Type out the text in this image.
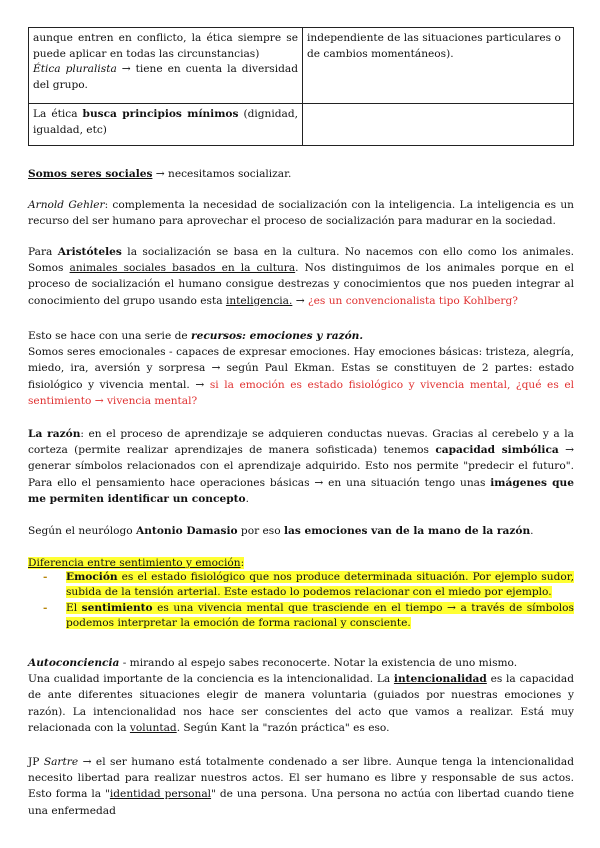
aunque entren en conflicto, la ética siempre se puede aplicar en todas las circunstancias)
Ética pluralista → tiene en cuenta la diversidad del grupo.	independiente de las situaciones particulares o de cambios momentáneos).
La ética busca principios mínimos (dignidad, igualdad, etc)	

Somos seres sociales → necesitamos socializar.

Arnold Gehler: complementa la necesidad de socialización con la inteligencia. La inteligencia es un recurso del ser humano para aprovechar el proceso de socialización para madurar en la sociedad.

Para Aristóteles la socialización se basa en la cultura. No nacemos con ello como los animales. Somos animales sociales basados en la cultura. Nos distinguimos de los animales porque en el proceso de socialización el humano consigue destrezas y conocimientos que nos pueden integrar al conocimiento del grupo usando esta inteligencia. → ¿es un convencionalista tipo Kohlberg?

Esto se hace con una serie de recursos: emociones y razón.
Somos seres emocionales - capaces de expresar emociones. Hay emociones básicas: tristeza, alegría, miedo, ira, aversión y sorpresa → según Paul Ekman. Estas se constituyen de 2 partes: estado fisiológico y vivencia mental. → si la emoción es estado fisiológico y vivencia mental, ¿qué es el sentimiento → vivencia mental?

La razón: en el proceso de aprendizaje se adquieren conductas nuevas. Gracias al cerebelo y a la corteza (permite realizar aprendizajes de manera sofisticada) tenemos capacidad simbólica → generar símbolos relacionados con el aprendizaje adquirido. Esto nos permite "predecir el futuro". Para ello el pensamiento hace operaciones básicas → en una situación tengo unas imágenes que me permiten identificar un concepto.

Según el neurólogo Antonio Damasio por eso las emociones van de la mano de la razón.

Diferencia entre sentimiento y emoción:

- Emoción es el estado fisiológico que nos produce determinada situación. Por ejemplo sudor, subida de la tensión arterial. Este estado lo podemos relacionar con el miedo por ejemplo.
- El sentimiento es una vivencia mental que trasciende en el tiempo → a través de símbolos podemos interpretar la emoción de forma racional y consciente.

Autoconciencia - mirando al espejo sabes reconocerte. Notar la existencia de uno mismo.
Una cualidad importante de la conciencia es la intencionalidad. La intencionalidad es la capacidad de ante diferentes situaciones elegir de manera voluntaria (guiados por nuestras emociones y razón). La intencionalidad nos hace ser conscientes del acto que vamos a realizar. Está muy relacionada con la voluntad. Según Kant la "razón práctica" es eso.

JP Sartre → el ser humano está totalmente condenado a ser libre. Aunque tenga la intencionalidad necesito libertad para realizar nuestros actos. El ser humano es libre y responsable de sus actos. Esto forma la "identidad personal" de una persona. Una persona no actúa con libertad cuando tiene una enfermedad
